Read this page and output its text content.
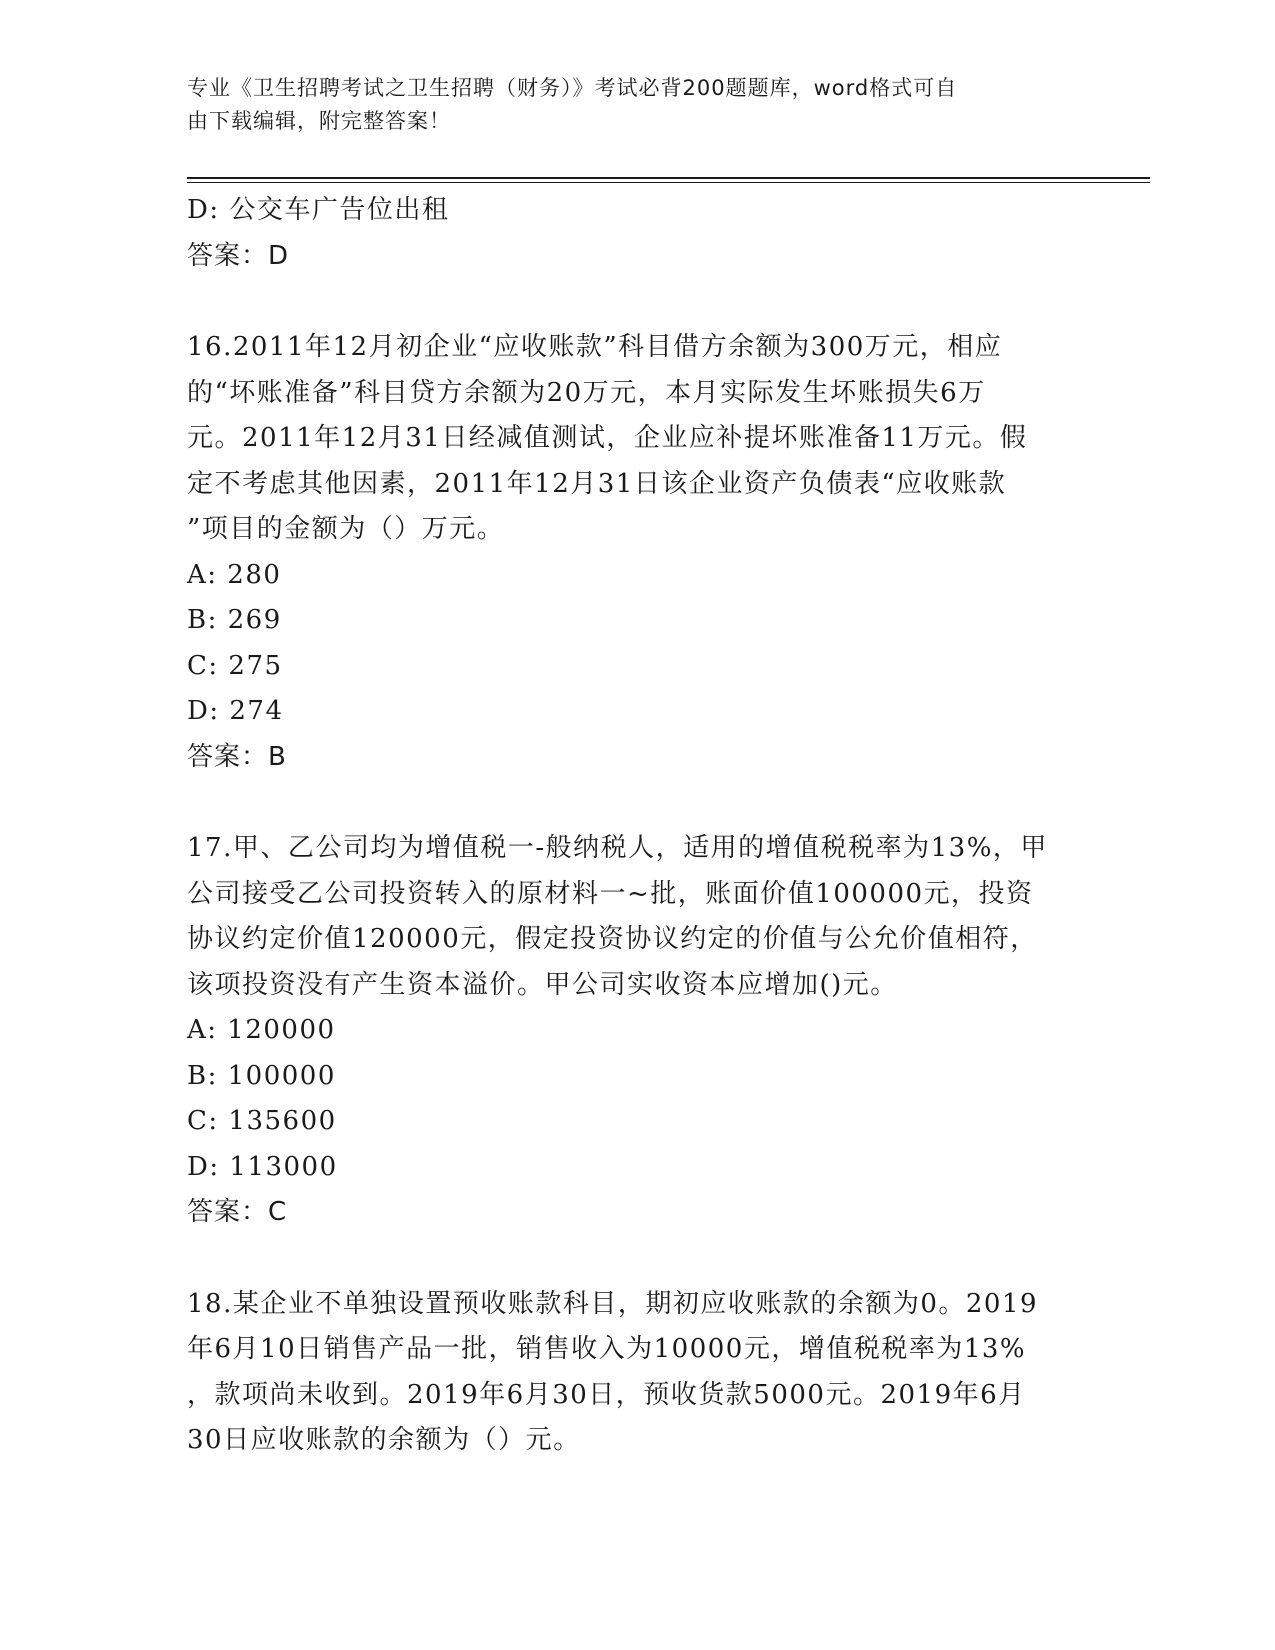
专业《卫生招聘考试之卫生招聘（财务）》考试必背200题题库，word格式可自
由下载编辑，附完整答案！
D: 公交车广告位出租
答案：D
16.2011年12月初企业“应收账款”科目借方余额为300万元，相应
的“坏账准备”科目贷方余额为20万元，本月实际发生坏账损失6万
元。2011年12月31日经减值测试，企业应补提坏账准备11万元。假
定不考虑其他因素，2011年12月31日该企业资产负债表“应收账款
”项目的金额为（）万元。
A: 280
B: 269
C: 275
D: 274
答案：B
17.甲、乙公司均为增值税一-般纳税人，适用的增值税税率为13%，甲
公司接受乙公司投资转入的原材料一~批，账面价值100000元，投资
协议约定价值120000元，假定投资协议约定的价值与公允价值相符，
该项投资没有产生资本溢价。甲公司实收资本应增加()元。
A: 120000
B: 100000
C: 135600
D: 113000
答案：C
18.某企业不单独设置预收账款科目，期初应收账款的余额为0。2019
年6月10日销售产品一批，销售收入为10000元，增值税税率为13%
，款项尚未收到。2019年6月30日，预收货款5000元。2019年6月
30日应收账款的余额为（）元。
